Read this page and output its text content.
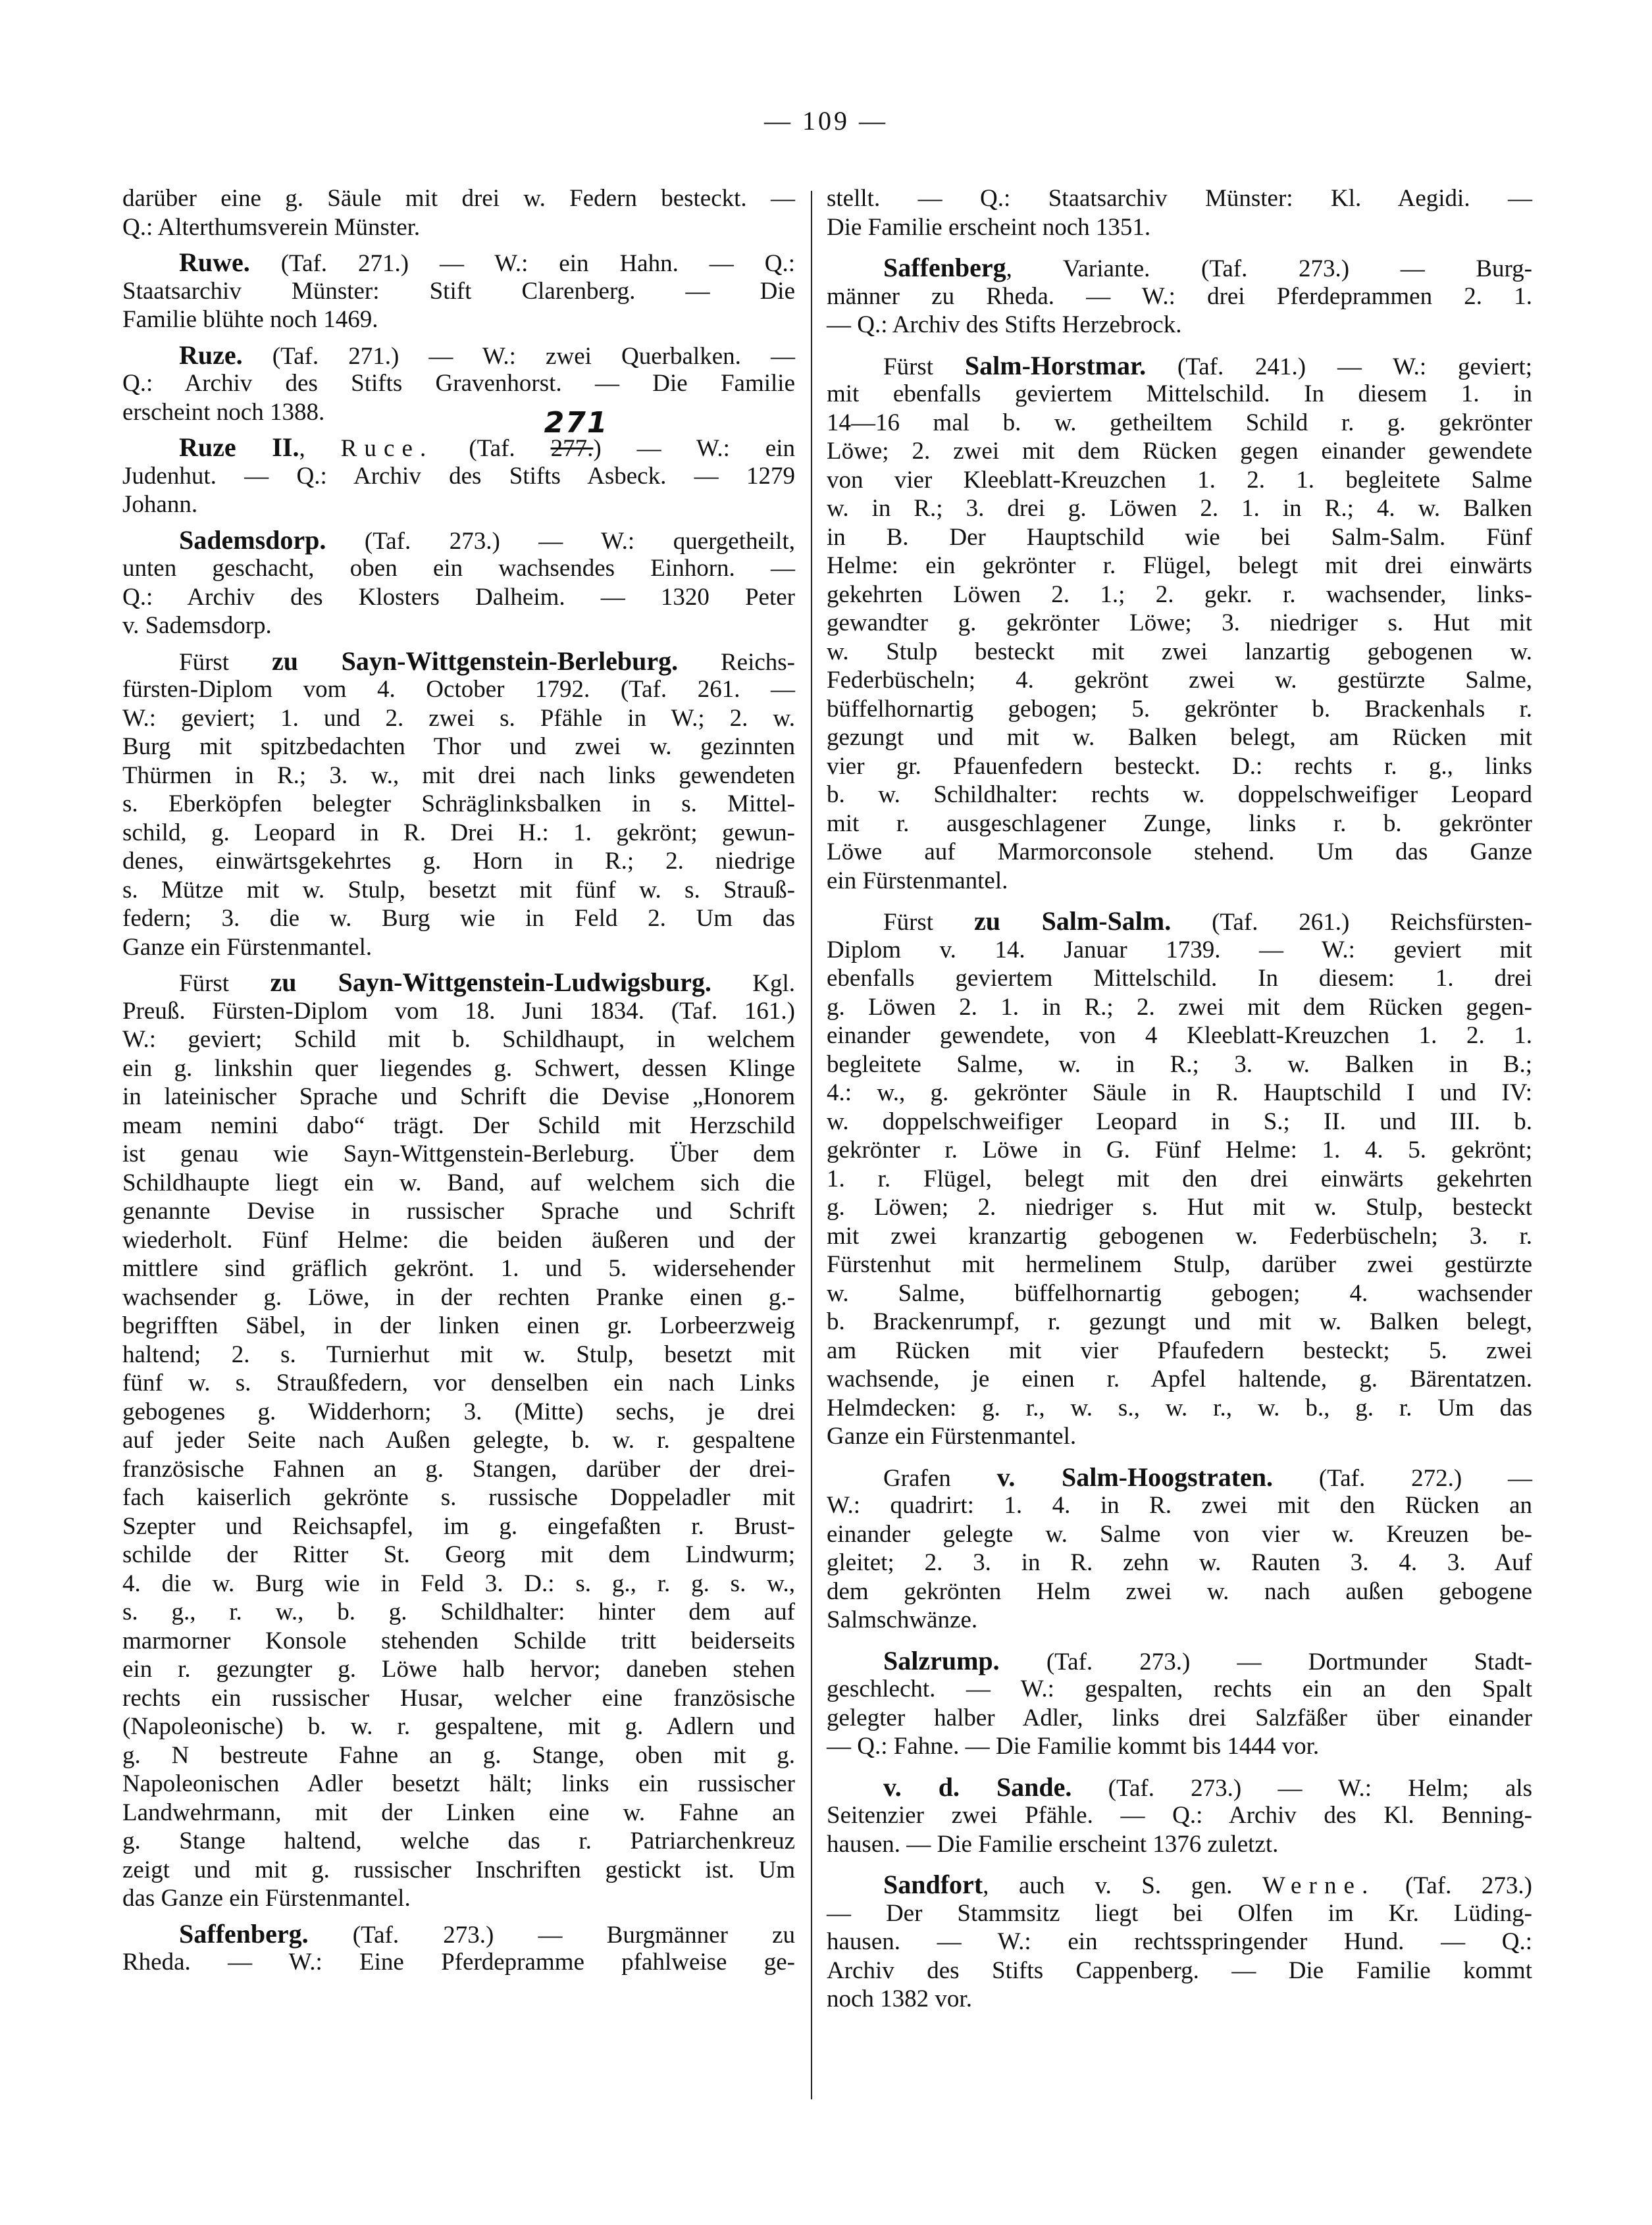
— 109 —
darüber eine g. Säule mit drei w. Federn besteckt. —
Q.: Alterthumsverein Münster.
Ruwe. (Taf. 271.) — W.: ein Hahn. — Q.:
Staatsarchiv Münster: Stift Clarenberg. — Die
Familie blühte noch 1469.
Ruze. (Taf. 271.) — W.: zwei Querbalken. —
Q.: Archiv des Stifts Gravenhorst. — Die Familie
erscheint noch 1388.
Ruze II., Ruce. (Taf. 277.
271
) — W.: ein
Judenhut. — Q.: Archiv des Stifts Asbeck. — 1279
Johann.
Sademsdorp. (Taf. 273.) — W.: quergetheilt,
unten geschacht, oben ein wachsendes Einhorn. —
Q.: Archiv des Klosters Dalheim. — 1320 Peter
v. Sademsdorp.
Fürst zu Sayn-Wittgenstein-Berleburg. Reichs-
fürsten-Diplom vom 4. October 1792. (Taf. 261. —
W.: geviert; 1. und 2. zwei s. Pfähle in W.; 2. w.
Burg mit spitzbedachten Thor und zwei w. gezinnten
Thürmen in R.; 3. w., mit drei nach links gewendeten
s. Eberköpfen belegter Schräglinksbalken in s. Mittel-
schild, g. Leopard in R. Drei H.: 1. gekrönt; gewun-
denes, einwärtsgekehrtes g. Horn in R.; 2. niedrige
s. Mütze mit w. Stulp, besetzt mit fünf w. s. Strauß-
federn; 3. die w. Burg wie in Feld 2. Um das
Ganze ein Fürstenmantel.
Fürst zu Sayn-Wittgenstein-Ludwigsburg. Kgl.
Preuß. Fürsten-Diplom vom 18. Juni 1834. (Taf. 161.)
W.: geviert; Schild mit b. Schildhaupt, in welchem
ein g. linkshin quer liegendes g. Schwert, dessen Klinge
in lateinischer Sprache und Schrift die Devise „Honorem
meam nemini dabo“ trägt. Der Schild mit Herzschild
ist genau wie Sayn-Wittgenstein-Berleburg. Über dem
Schildhaupte liegt ein w. Band, auf welchem sich die
genannte Devise in russischer Sprache und Schrift
wiederholt. Fünf Helme: die beiden äußeren und der
mittlere sind gräflich gekrönt. 1. und 5. widersehender
wachsender g. Löwe, in der rechten Pranke einen g.-
begrifften Säbel, in der linken einen gr. Lorbeerzweig
haltend; 2. s. Turnierhut mit w. Stulp, besetzt mit
fünf w. s. Straußfedern, vor denselben ein nach Links
gebogenes g. Widderhorn; 3. (Mitte) sechs, je drei
auf jeder Seite nach Außen gelegte, b. w. r. gespaltene
französische Fahnen an g. Stangen, darüber der drei-
fach kaiserlich gekrönte s. russische Doppeladler mit
Szepter und Reichsapfel, im g. eingefaßten r. Brust-
schilde der Ritter St. Georg mit dem Lindwurm;
4. die w. Burg wie in Feld 3. D.: s. g., r. g. s. w.,
s. g., r. w., b. g. Schildhalter: hinter dem auf
marmorner Konsole stehenden Schilde tritt beiderseits
ein r. gezungter g. Löwe halb hervor; daneben stehen
rechts ein russischer Husar, welcher eine französische
(Napoleonische) b. w. r. gespaltene, mit g. Adlern und
g. N bestreute Fahne an g. Stange, oben mit g.
Napoleonischen Adler besetzt hält; links ein russischer
Landwehrmann, mit der Linken eine w. Fahne an
g. Stange haltend, welche das r. Patriarchenkreuz
zeigt und mit g. russischer Inschriften gestickt ist. Um
das Ganze ein Fürstenmantel.
Saffenberg. (Taf. 273.) — Burgmänner zu
Rheda. — W.: Eine Pferdepramme pfahlweise ge-
stellt. — Q.: Staatsarchiv Münster: Kl. Aegidi. —
Die Familie erscheint noch 1351.
Saffenberg, Variante. (Taf. 273.) — Burg-
männer zu Rheda. — W.: drei Pferdeprammen 2. 1.
— Q.: Archiv des Stifts Herzebrock.
Fürst Salm-Horstmar. (Taf. 241.) — W.: geviert;
mit ebenfalls geviertem Mittelschild. In diesem 1. in
14—16 mal b. w. getheiltem Schild r. g. gekrönter
Löwe; 2. zwei mit dem Rücken gegen einander gewendete
von vier Kleeblatt-Kreuzchen 1. 2. 1. begleitete Salme
w. in R.; 3. drei g. Löwen 2. 1. in R.; 4. w. Balken
in B. Der Hauptschild wie bei Salm-Salm. Fünf
Helme: ein gekrönter r. Flügel, belegt mit drei einwärts
gekehrten Löwen 2. 1.; 2. gekr. r. wachsender, links-
gewandter g. gekrönter Löwe; 3. niedriger s. Hut mit
w. Stulp besteckt mit zwei lanzartig gebogenen w.
Federbüscheln; 4. gekrönt zwei w. gestürzte Salme,
büffelhornartig gebogen; 5. gekrönter b. Brackenhals r.
gezungt und mit w. Balken belegt, am Rücken mit
vier gr. Pfauenfedern besteckt. D.: rechts r. g., links
b. w. Schildhalter: rechts w. doppelschweifiger Leopard
mit r. ausgeschlagener Zunge, links r. b. gekrönter
Löwe auf Marmorconsole stehend. Um das Ganze
ein Fürstenmantel.
Fürst zu Salm-Salm. (Taf. 261.) Reichsfürsten-
Diplom v. 14. Januar 1739. — W.: geviert mit
ebenfalls geviertem Mittelschild. In diesem: 1. drei
g. Löwen 2. 1. in R.; 2. zwei mit dem Rücken gegen-
einander gewendete, von 4 Kleeblatt-Kreuzchen 1. 2. 1.
begleitete Salme, w. in R.; 3. w. Balken in B.;
4.: w., g. gekrönter Säule in R. Hauptschild I und IV:
w. doppelschweifiger Leopard in S.; II. und III. b.
gekrönter r. Löwe in G. Fünf Helme: 1. 4. 5. gekrönt;
1. r. Flügel, belegt mit den drei einwärts gekehrten
g. Löwen; 2. niedriger s. Hut mit w. Stulp, besteckt
mit zwei kranzartig gebogenen w. Federbüscheln; 3. r.
Fürstenhut mit hermelinem Stulp, darüber zwei gestürzte
w. Salme, büffelhornartig gebogen; 4. wachsender
b. Brackenrumpf, r. gezungt und mit w. Balken belegt,
am Rücken mit vier Pfaufedern besteckt; 5. zwei
wachsende, je einen r. Apfel haltende, g. Bärentatzen.
Helmdecken: g. r., w. s., w. r., w. b., g. r. Um das
Ganze ein Fürstenmantel.
Grafen v. Salm-Hoogstraten. (Taf. 272.) —
W.: quadrirt: 1. 4. in R. zwei mit den Rücken an
einander gelegte w. Salme von vier w. Kreuzen be-
gleitet; 2. 3. in R. zehn w. Rauten 3. 4. 3. Auf
dem gekrönten Helm zwei w. nach außen gebogene
Salmschwänze.
Salzrump. (Taf. 273.) — Dortmunder Stadt-
geschlecht. — W.: gespalten, rechts ein an den Spalt
gelegter halber Adler, links drei Salzfäßer über einander
— Q.: Fahne. — Die Familie kommt bis 1444 vor.
v. d. Sande. (Taf. 273.) — W.: Helm; als
Seitenzier zwei Pfähle. — Q.: Archiv des Kl. Benning-
hausen. — Die Familie erscheint 1376 zuletzt.
Sandfort, auch v. S. gen. Werne. (Taf. 273.)
— Der Stammsitz liegt bei Olfen im Kr. Lüding-
hausen. — W.: ein rechtsspringender Hund. — Q.:
Archiv des Stifts Cappenberg. — Die Familie kommt
noch 1382 vor.
